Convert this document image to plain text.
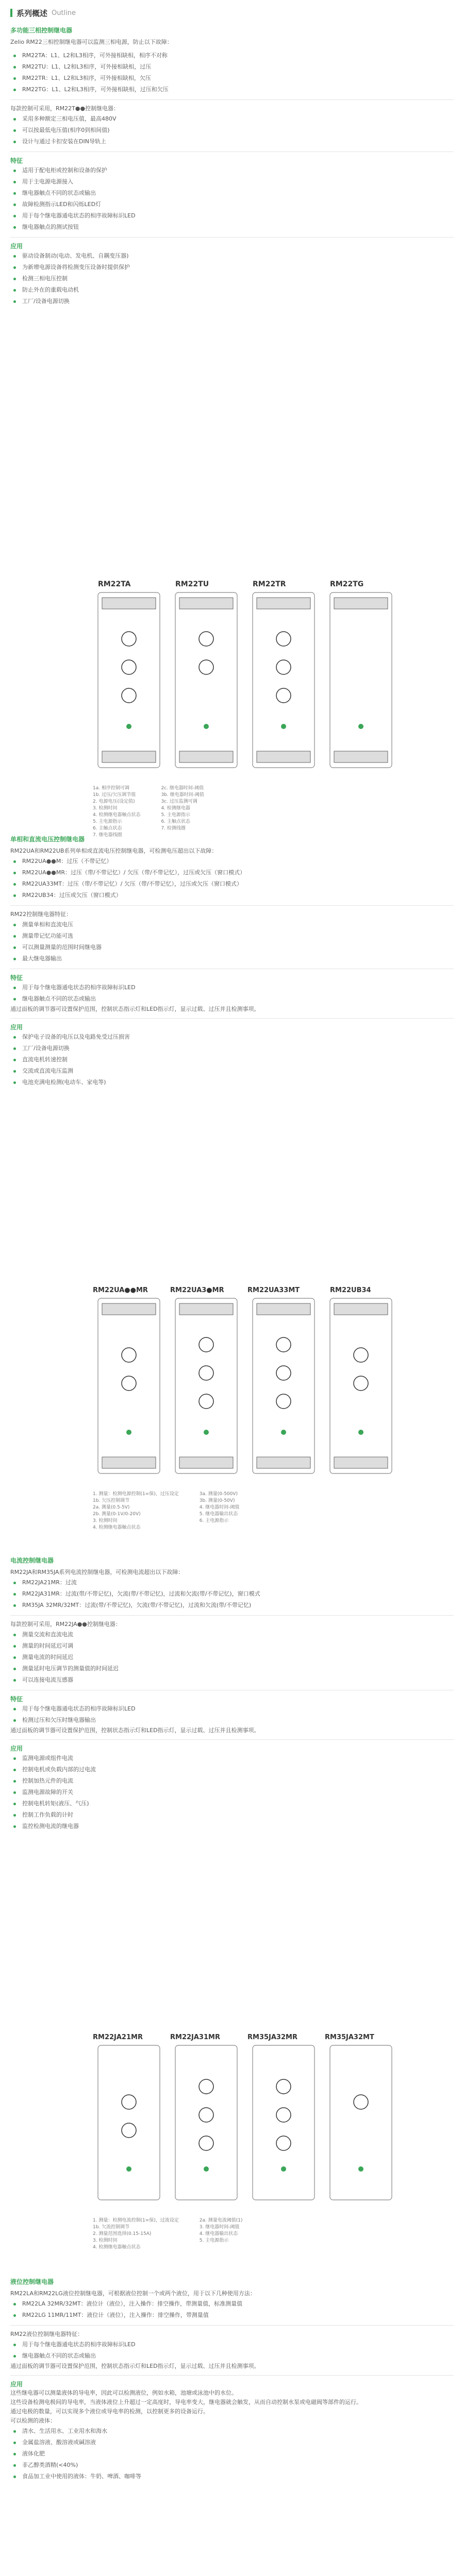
系列概述 Outline

多功能三相控制继电器

Zelio RM22三相控制继电器可以监测三相电源，防止以下故障：

RM22TA：L1、L2和L3相序，可外接相缺相，相序不对称
RM22TU：L1、L2和L3相序，可外接相缺相，过压
RM22TR：L1、L2和L3相序，可外接相缺相，欠压
RM22TG：L1、L2和L3相序，可外接相缺相，过压和欠压

每款控制可采用，RM22T●●控制继电器：

采用多种额定三相电压值，最高480V
可以按最低电压值(相序0到相间值)
设计与通过卡扣安装在DIN导轨上

特征

适用于配电柜或控制和设备的保护
用于主电源电源接入
继电器触点不同的状态或输出
故障检测指示LED和闪烁LED灯
用于每个继电器通电状态的相序故障标识LED
继电器触点的测试按钮

应用

驱动设备制动(电动、发电机、自耦变压器)
为新增电源设备将检测变压设备时提供保护
检测三相电压控制
防止外在的重载电动机
工厂/设备电源切换
RM22TA	RM22TU	RM22TR	RM22TG
1a. 相序控制可调
1b. 过压/欠压调节值
2. 电源电压(设定值)
3. 检测时间
4. 检测继电器触点状态
5. 主电源指示
6. 主触点状态
7. 继电器线圈
2c. 继电器时间-阈值
3b. 继电器时间-阈值
3c. 过压监测可调
4. 检测继电器
5. 主电源指示
6. 主触点状态
7. 检测线圈

单相和直流电压控制继电器

RM22UA和RM22UB系列单相或直流电压控制继电器，可检测电压超出以下故障：

RM22UA●●M：过压（不带记忆）
RM22UA●●MR：过压（带/不带记忆）/ 欠压（带/不带记忆），过压或欠压（窗口模式）
RM22UA33MT：过压（带/不带记忆）/ 欠压（带/不带记忆），过压或欠压（窗口模式）
RM22UB34：过压或欠压（窗口模式）

RM22控制继电器特征：

测量单相和直流电压
测量带记忆功能可选
可以测量测量的范围时间继电器
最大继电器输出

特征

用于每个继电器通电状态的相序故障标识LED
继电器触点不同的状态或输出

通过面板的调节器可设置保护范围，控制状态指示灯和LED指示灯，显示过载、过压并且检测事项。

应用

保护电子设备的电压以及电路免受过压损害
工厂/设备电源切换
直流电机转速控制
交流或直流电压监测
电池充满电检测(电动车、家电等)
RM22UA●●MR	RM22UA3●MR	RM22UA33MT	RM22UB34
1. 测量：检测电源控制(1=保)，过压设定
1b. 欠压控制调节
2a. 测量(0.5-5V)
2b. 测量(0-1V/0-20V)
3. 检测时间
4. 检测继电器触点状态
3a. 测量(0-500V)
3b. 测量(0-50V)
4. 继电器时间-阈值
5. 继电器输出状态
6. 主电源指示

电流控制继电器

RM22JA和RM35JA系列电流控制继电器，可检测电流超出以下故障：

RM22JA21MR：过流
RM22JA31MR：过流(带/不带记忆)，欠流(带/不带记忆)，过流和欠流(带/不带记忆)，窗口模式
RM35JA 32MR/32MT：过流(带/不带记忆)，欠流(带/不带记忆)，过流和欠流(带/不带记忆)

每款控制可采用，RM22JA●●控制继电器：

测量交流和直流电流
测量的时间延迟可调
测量电流的时间延迟
测量延时电压调节的测量值的时间延迟
可以连接电流互感器

特征

用于每个继电器通电状态的相序故障标识LED
检测过压和欠压时继电器输出

通过面板的调节器可设置保护范围，控制状态指示灯和LED指示灯，显示过载、过压并且检测事项。

应用

监测电源或组件电流
控制电机或负载内部的过电流
控制加热元件的电流
监测电源故障的开关
控制电机转矩(液压、气压)
控制工作负载的计时
监控检测电流的继电器
RM22JA21MR	RM22JA31MR	RM35JA32MR	RM35JA32MT
1. 测量：检测电流控制(1=保)，过流设定
1b. 欠流控制调节
2. 测量范围选择(0.15-15A)
3. 检测时间
4. 检测继电器触点状态
2a. 测量电流阈值(1)
3. 继电器时间-阈值
4. 继电器输出状态
5. 主电源指示

液位控制继电器

RM22LA和RM22LG液位控制继电器，可根据液位控制一个或两个液位，用于以下几种使用方法：

RM22LA 32MR/32MT：液位计（液位），注入操作：排空操作，带测量值，标准测量值
RM22LG 11MR/11MT：液位计（液位），注入操作：排空操作，带测量值

RM22液位控制继电器特征：

用于每个继电器通电状态的相序故障标识LED
继电器触点不同的状态或输出

通过面板的调节器可设置保护范围，控制状态指示灯和LED指示灯，显示过载、过压并且检测事项。

应用

这些继电器可以测量液体的导电率，因此可以检测液位，例如水箱，池塘或泳池中的水位。

这些设备检测电极间的导电率，当液体液位上升超过一定高度时，导电率变大，继电器就会触发，从而自动控制水泵或电磁阀等部件的运行。

通过电极的数量，可以实现多个液位或导电率的检测，以控制更多的设备运行。

可以检测的液体：

清水、生活用水、工业用水和海水
金属盐溶液、酸溶液或碱溶液
液体化肥
非乙醇类酒精(<40%)
食品加工业中使用的液体：牛奶、啤酒、咖啡等
